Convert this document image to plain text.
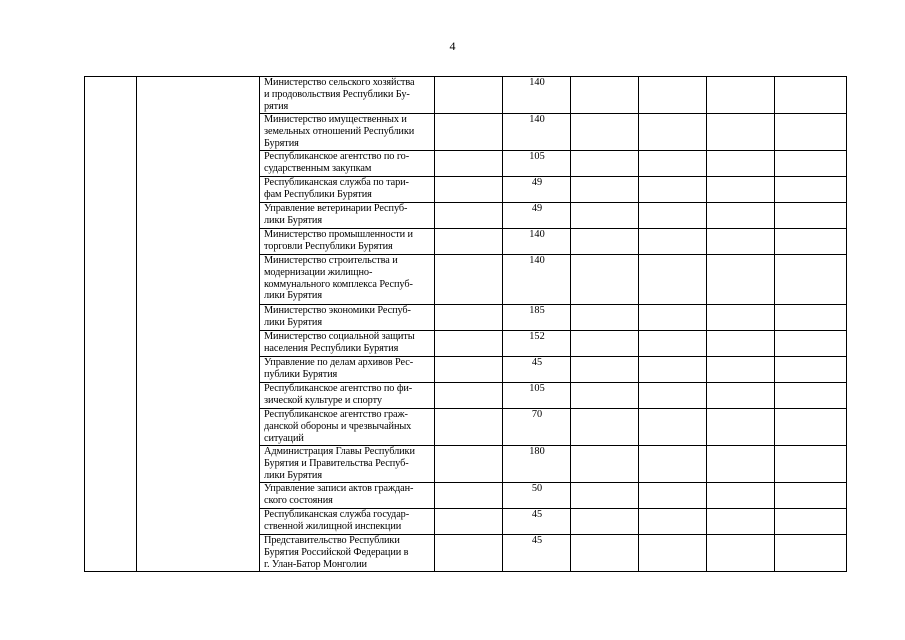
4
		Министерство сельского хозяйства
и продовольствия Республики Бу-
рятия		140				
		Министерство имущественных и
земельных отношений Республики
Бурятия		140				
		Республиканское агентство по го-
сударственным закупкам		105				
		Республиканская служба по тари-
фам Республики Бурятия		49				
		Управление ветеринарии Респуб-
лики Бурятия		49				
		Министерство промышленности и
торговли Республики Бурятия		140				
		Министерство строительства и
модернизации жилищно-
коммунального комплекса Респуб-
лики Бурятия		140				
		Министерство экономики Респуб-
лики Бурятия		185				
		Министерство социальной защиты
населения Республики Бурятия		152				
		Управление по делам архивов Рес-
публики Бурятия		45				
		Республиканское агентство по фи-
зической культуре и спорту		105				
		Республиканское агентство граж-
данской обороны и чрезвычайных
ситуаций		70				
		Администрация Главы Республики
Бурятия и Правительства Респуб-
лики Бурятия		180				
		Управление записи актов граждан-
ского состояния		50				
		Республиканская служба государ-
ственной жилищной инспекции		45				
		Представительство Республики
Бурятия Российской Федерации в
г. Улан-Батор Монголии		45				
